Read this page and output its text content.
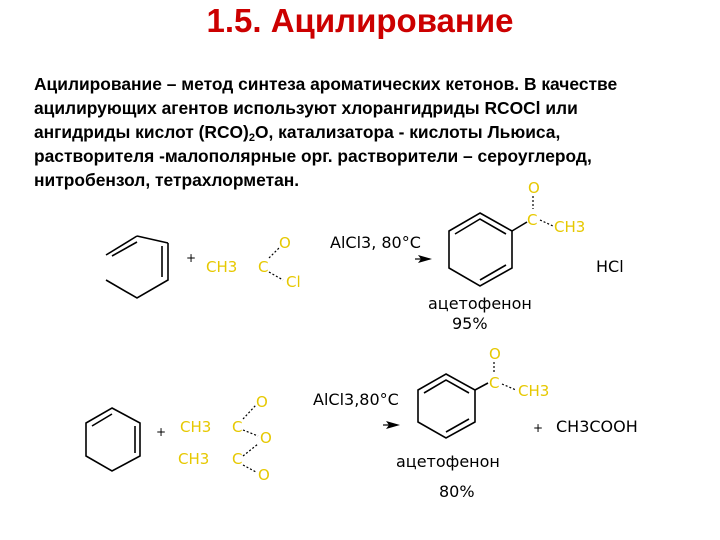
1.5. Ацилирование
Ацилирование – метод синтеза ароматических кетонов. В качестве
ацилирующих агентов используют хлорангидриды RCOCl или
ангидриды кислот $(RCO)_2O$, катализатора - кислоты Льюиса,
растворителя -малополярные орг. растворители – сероуглерод,
нитробензол, тетрахлорметан.
+ CH3 C
O
Cl
AlCl3, 80°C
O
C CH3
HCl
ацетофенон
95%
+ CH3 C
O
O
CH3 C
O
AlCl3,80°C
O
C CH3
+ CH3COOH
ацетофенон
80%
